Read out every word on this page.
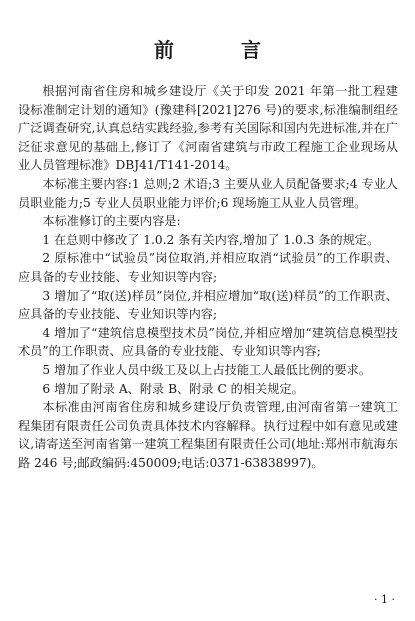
前 言

根据河南省住房和城乡建设厅《关于印发 2021 年第一批工程建设标准制定计划的通知》(豫建科[2021]276 号)的要求,标准编制组经广泛调查研究,认真总结实践经验,参考有关国际和国内先进标准,并在广泛征求意见的基础上,修订了《河南省建筑与市政工程施工企业现场从业人员管理标准》DBJ41/T141-2014。

本标准主要内容:1 总则;2 术语;3 主要从业人员配备要求;4 专业人员职业能力;5 专业人员职业能力评价;6 现场施工从业人员管理。

本标准修订的主要内容是:

1 在总则中修改了 1.0.2 条有关内容,增加了 1.0.3 条的规定。

2 原标准中“试验员”岗位取消,并相应取消“试验员”的工作职责、应具备的专业技能、专业知识等内容;

3 增加了“取(送)样员”岗位,并相应增加“取(送)样员”的工作职责、应具备的专业技能、专业知识等内容;

4 增加了“建筑信息模型技术员”岗位,并相应增加“建筑信息模型技术员”的工作职责、应具备的专业技能、专业知识等内容;

5 增加了作业人员中级工及以上占技能工人最低比例的要求。

6 增加了附录 A、附录 B、附录 C 的相关规定。

本标准由河南省住房和城乡建设厅负责管理,由河南省第一建筑工程集团有限责任公司负责具体技术内容解释。执行过程中如有意见或建议,请寄送至河南省第一建筑工程集团有限责任公司(地址:郑州市航海东路 246 号;邮政编码:450009;电话:0371-63838997)。

· 1 ·
